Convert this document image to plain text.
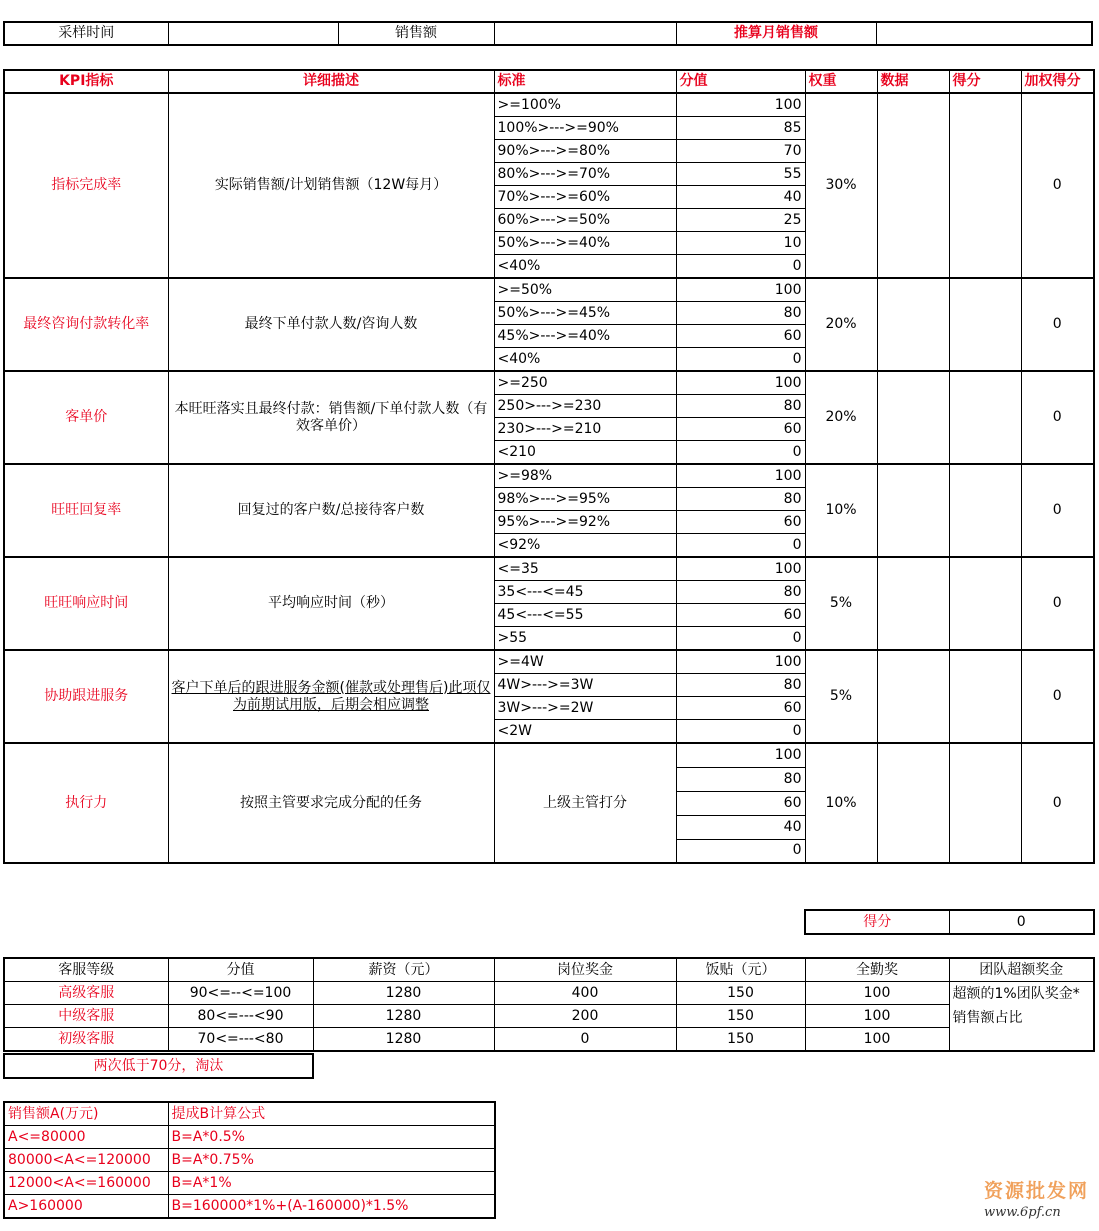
采样时间		销售额		推算月销售额	
KPI指标	详细描述	标准	分值	权重	数据	得分	加权得分
指标完成率	实际销售额/计划销售额（12W每月）	>=100%	100	30%			0
		100%>--->=90%	85				
		90%>--->=80%	70				
		80%>--->=70%	55				
		70%>--->=60%	40				
		60%>--->=50%	25				
		50%>--->=40%	10				
		<40%	0				
最终咨询付款转化率	最终下单付款人数/咨询人数	>=50%	100	20%			0
		50%>--->=45%	80				
		45%>--->=40%	60				
		<40%	0				
客单价	本旺旺落实且最终付款：销售额/下单付款人数（有效客单价）	>=250	100	20%			0
		250>--->=230	80				
		230>--->=210	60				
		<210	0				
旺旺回复率	回复过的客户数/总接待客户数	>=98%	100	10%			0
		98%>--->=95%	80				
		95%>--->=92%	60				
		<92%	0				
旺旺响应时间	平均响应时间（秒）	<=35	100	5%			0
		35<---<=45	80				
		45<---<=55	60				
		>55	0				
协助跟进服务	客户下单后的跟进服务金额(催款或处理售后)此项仅为前期试用版，后期会相应调整	>=4W	100	5%			0
		4W>--->=3W	80				
		3W>--->=2W	60				
		<2W	0				
执行力	按照主管要求完成分配的任务	上级主管打分	100	10%			0
			80				
			60				
			40				
			0				
得分	0
客服等级	分值	薪资（元）	岗位奖金	饭贴（元）	全勤奖	团队超额奖金
高级客服	90<=--<=100	1280	400	150	100	超额的1%团队奖金*销售额占比
中级客服	80<=---<90	1280	200	150	100	
初级客服	70<=---<80	1280	0	150	100	
两次低于70分，淘汰
销售额A(万元)	提成B计算公式
A<=80000	B=A*0.5%
80000<A<=120000	B=A*0.75%
12000<A<=160000	B=A*1%
A>160000	B=160000*1%+(A-160000)*1.5%
资源批发网
www.6pf.cn
